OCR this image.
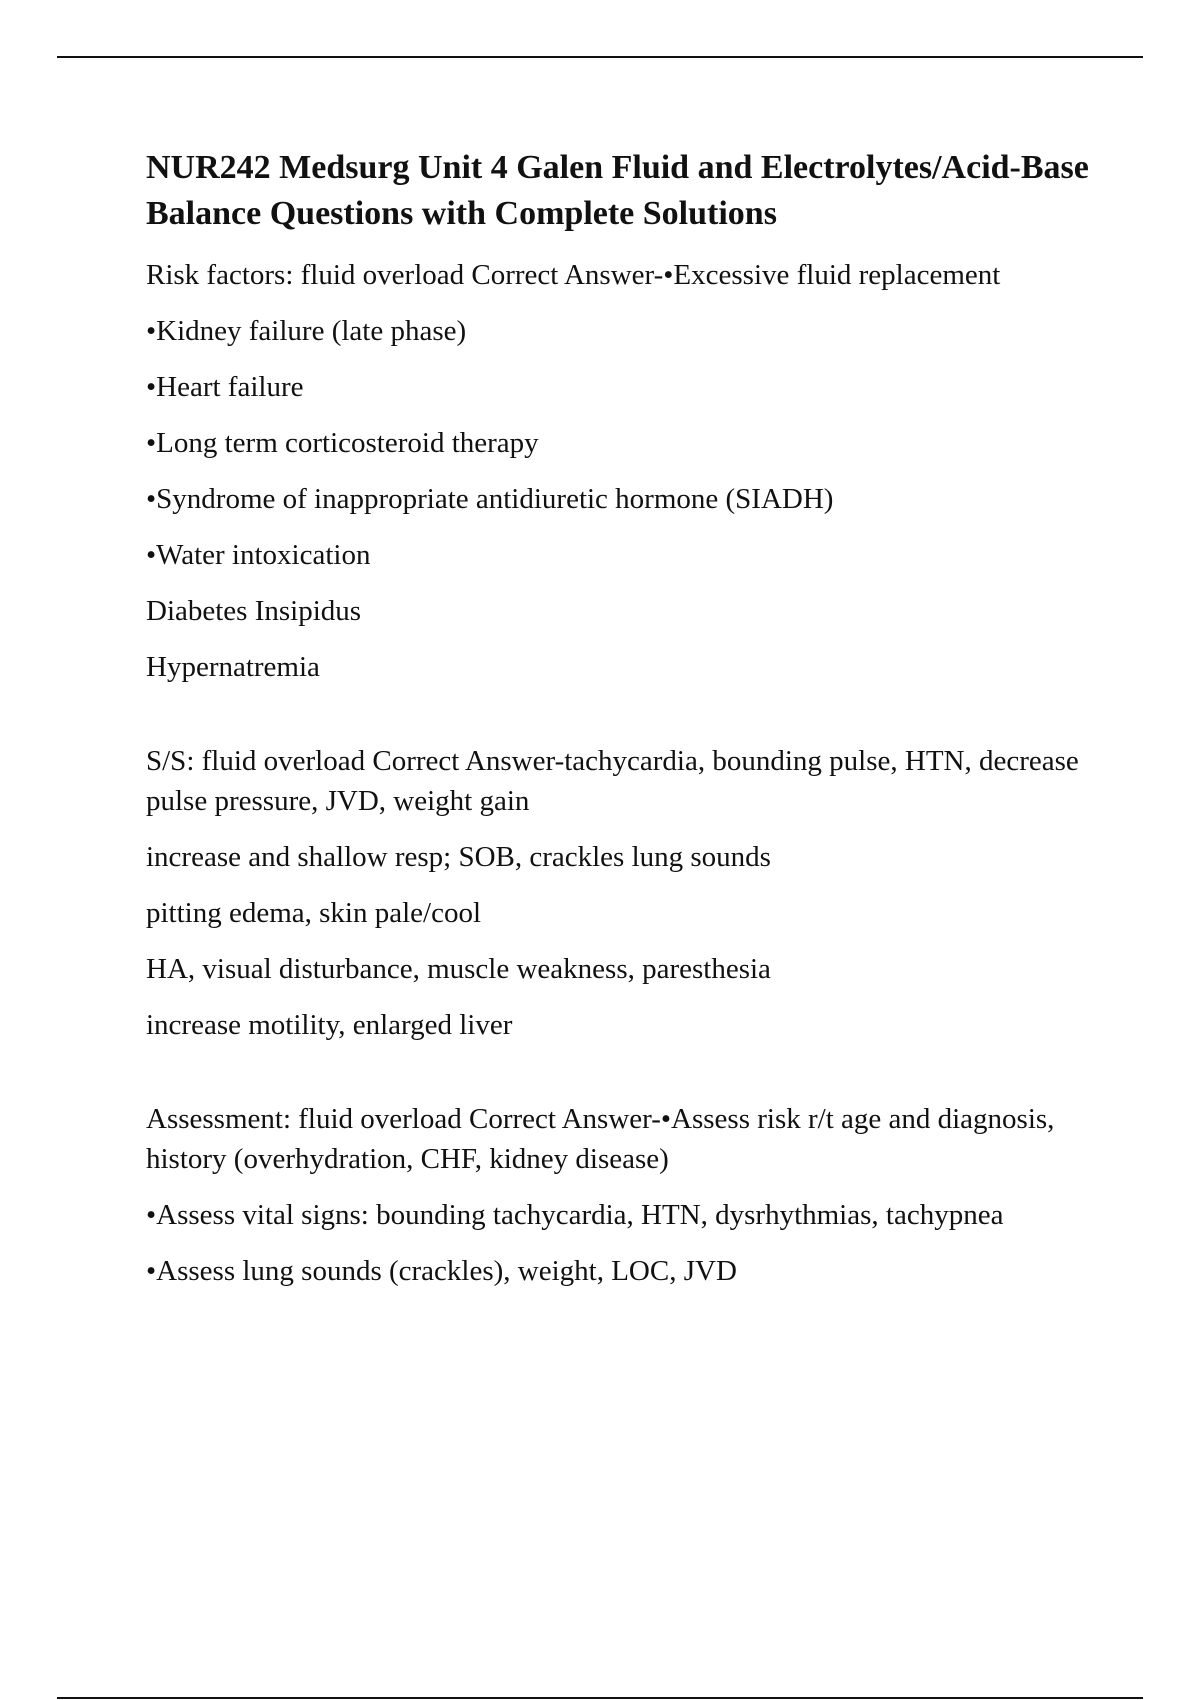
NUR242 Medsurg Unit 4 Galen Fluid and Electrolytes/Acid-Base Balance Questions with Complete Solutions

Risk factors: fluid overload Correct Answer-•Excessive fluid replacement

•Kidney failure (late phase)

•Heart failure

•Long term corticosteroid therapy

•Syndrome of inappropriate antidiuretic hormone (SIADH)

•Water intoxication

Diabetes Insipidus

Hypernatremia

S/S: fluid overload Correct Answer-tachycardia, bounding pulse, HTN, decrease pulse pressure, JVD, weight gain

increase and shallow resp; SOB, crackles lung sounds

pitting edema, skin pale/cool

HA, visual disturbance, muscle weakness, paresthesia

increase motility, enlarged liver

Assessment: fluid overload Correct Answer-•Assess risk r/t age and diagnosis, history (overhydration, CHF, kidney disease)

•Assess vital signs: bounding tachycardia, HTN, dysrhythmias, tachypnea

•Assess lung sounds (crackles), weight, LOC, JVD
